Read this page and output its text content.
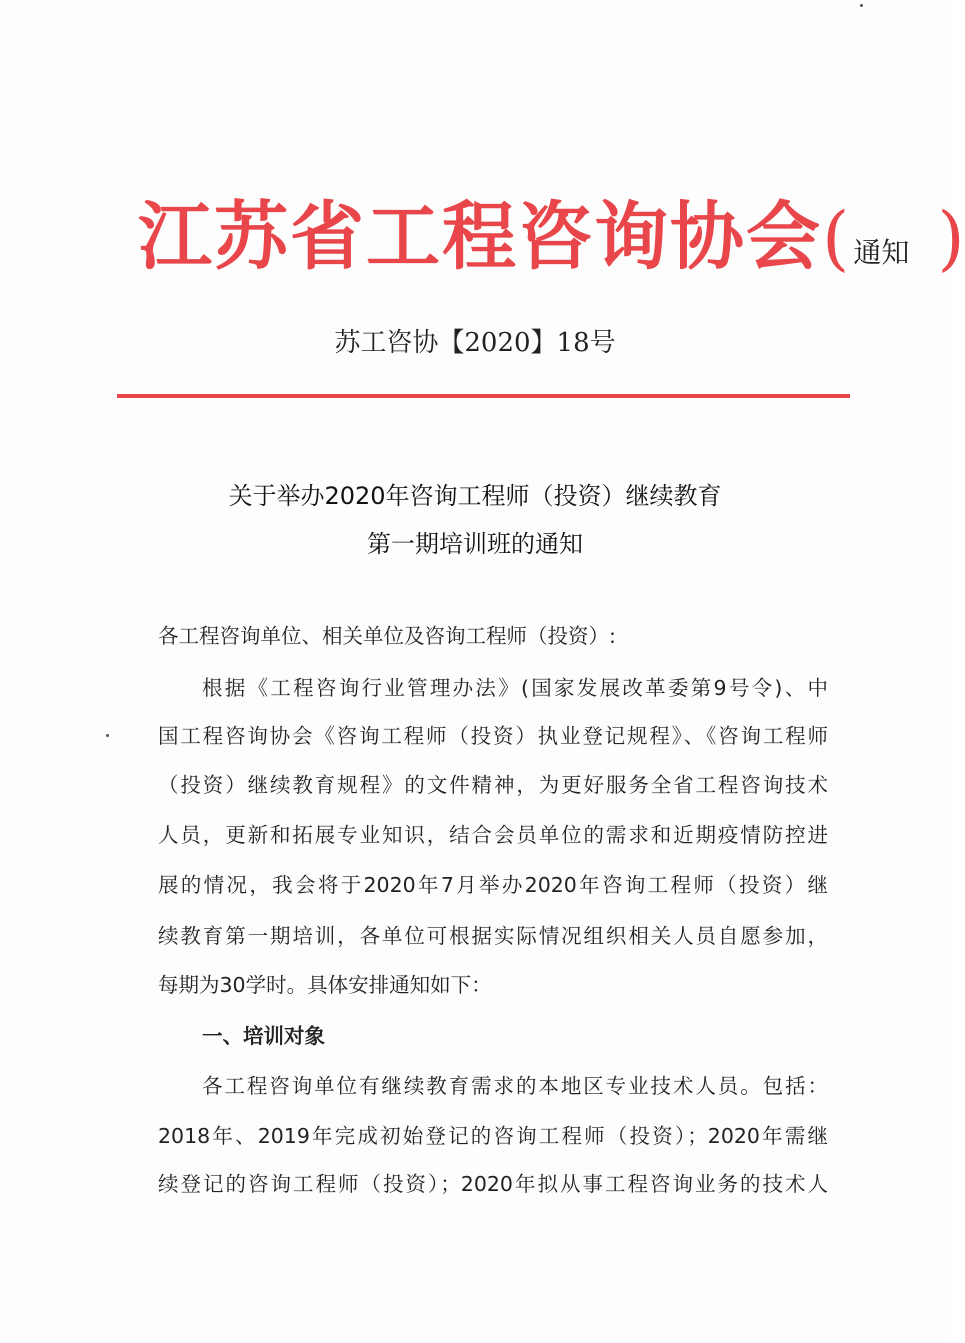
江苏省工程咨询协会( 通知 )
苏工咨协【2020】18号
关于举办2020年咨询工程师（投资）继续教育
第一期培训班的通知
各工程咨询单位、相关单位及咨询工程师（投资）:
根据《工程咨询行业管理办法》(国家发展改革委第9号令)、中
国工程咨询协会《咨询工程师（投资）执业登记规程》、《咨询工程师
（投资）继续教育规程》的文件精神，为更好服务全省工程咨询技术
人员，更新和拓展专业知识，结合会员单位的需求和近期疫情防控进
展的情况，我会将于2020年7月举办2020年咨询工程师（投资）继
续教育第一期培训，各单位可根据实际情况组织相关人员自愿参加，
每期为30学时。具体安排通知如下：
一、培训对象
各工程咨询单位有继续教育需求的本地区专业技术人员。包括：
2018年、2019年完成初始登记的咨询工程师（投资）；2020年需继
续登记的咨询工程师（投资）；2020年拟从事工程咨询业务的技术人
